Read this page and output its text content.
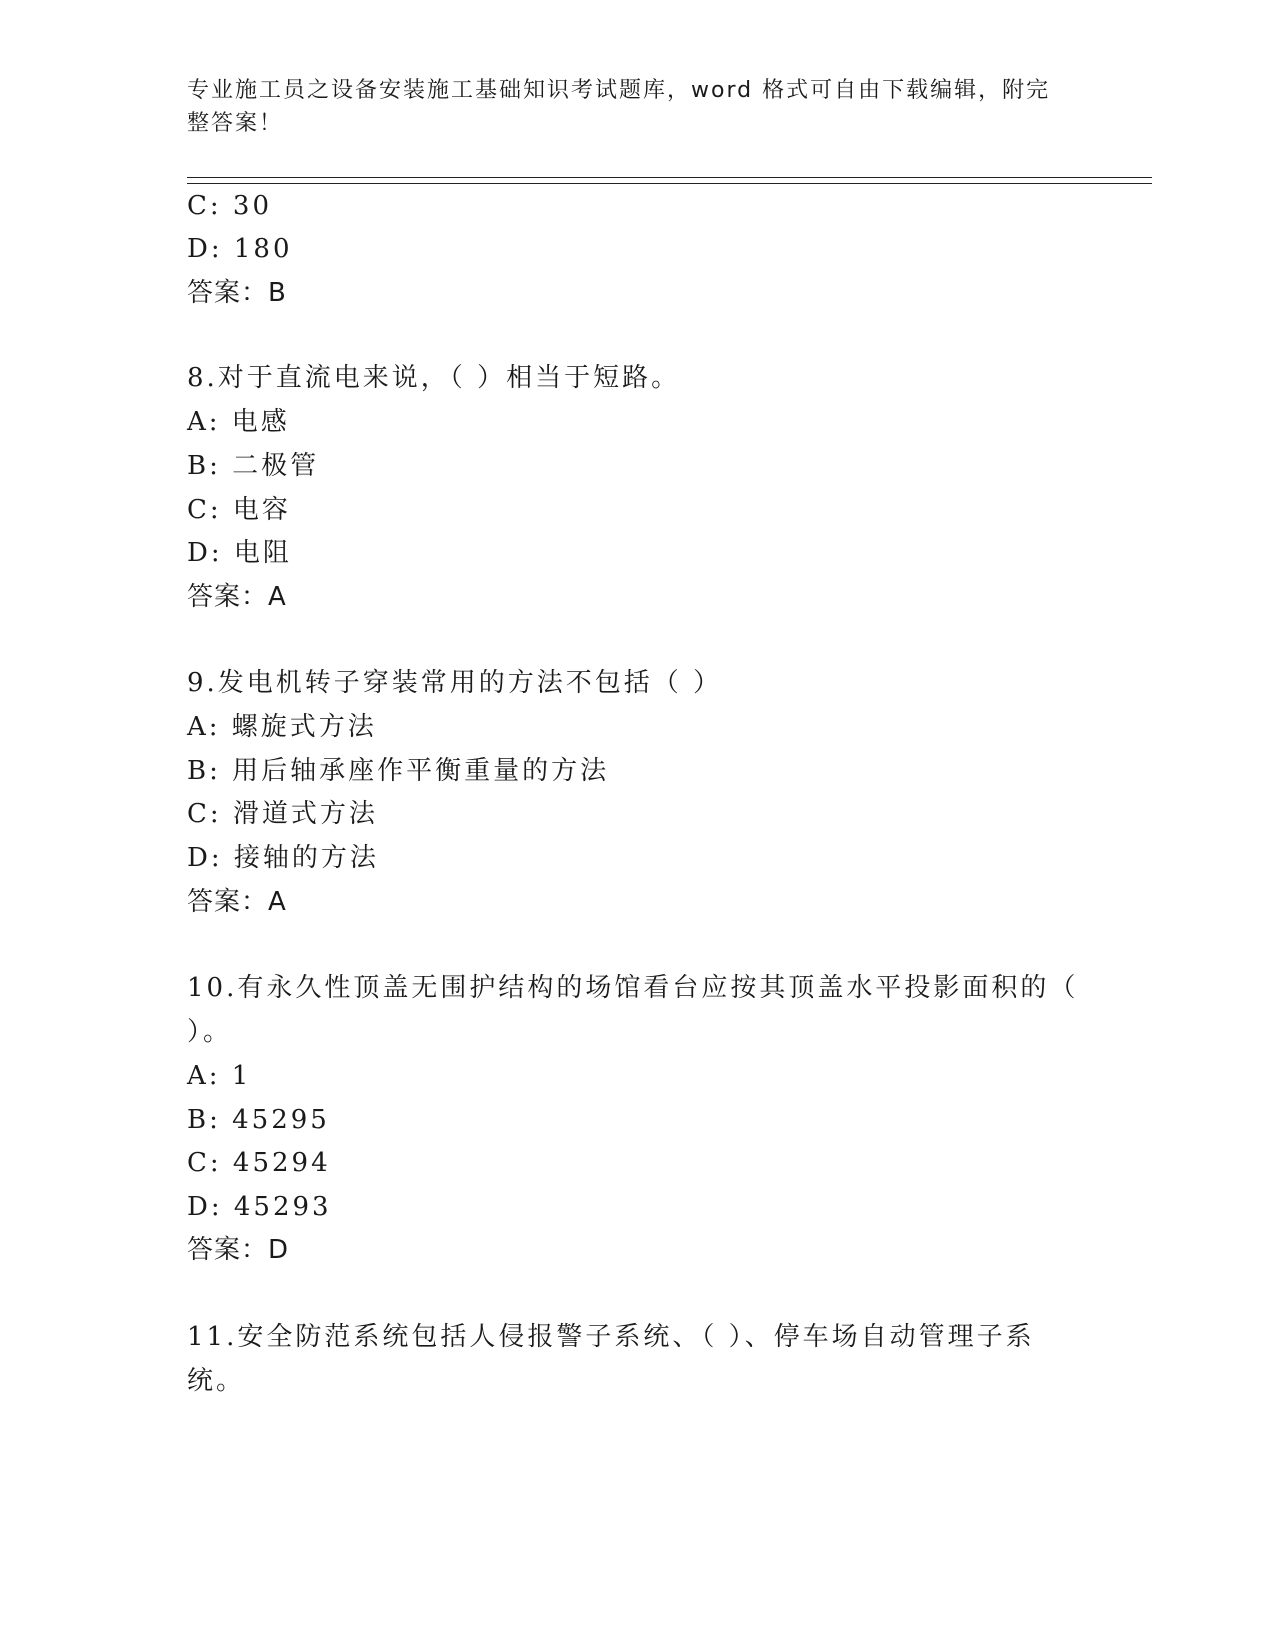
专业施工员之设备安装施工基础知识考试题库，word 格式可自由下载编辑，附完
整答案！
C: 30
D: 180
答案：B
8.对于直流电来说，（ ）相当于短路。
A: 电感
B: 二极管
C: 电容
D: 电阻
答案：A
9.发电机转子穿装常用的方法不包括（ ）
A: 螺旋式方法
B: 用后轴承座作平衡重量的方法
C: 滑道式方法
D: 接轴的方法
答案：A
10.有永久性顶盖无围护结构的场馆看台应按其顶盖水平投影面积的（
）。
A: 1
B: 45295
C: 45294
D: 45293
答案：D
11.安全防范系统包括人侵报警子系统、（ ）、停车场自动管理子系
统。
